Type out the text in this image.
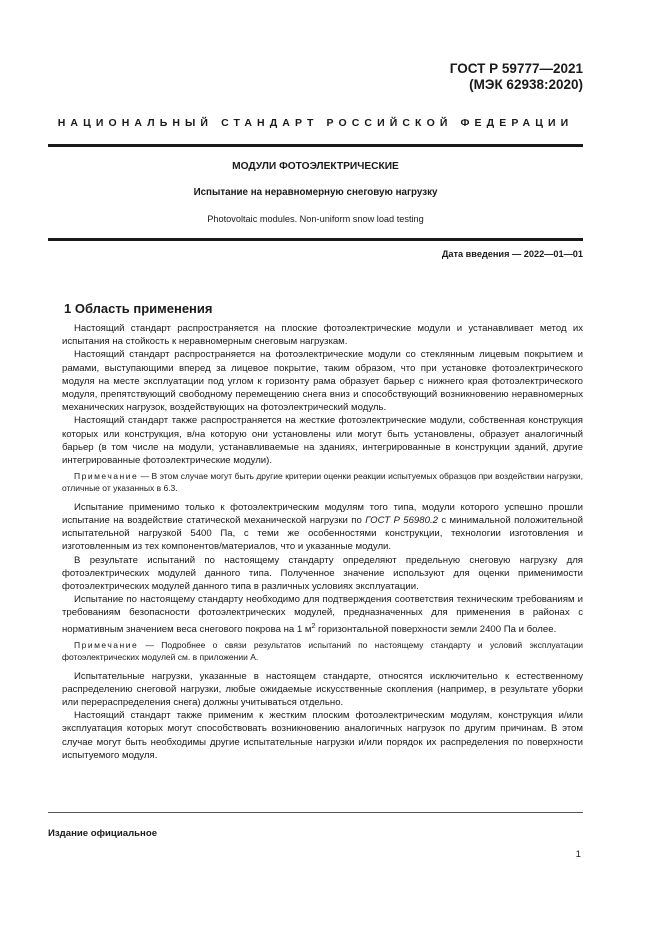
ГОСТ Р 59777—2021
(МЭК 62938:2020)
НАЦИОНАЛЬНЫЙ СТАНДАРТ РОССИЙСКОЙ ФЕДЕРАЦИИ
МОДУЛИ ФОТОЭЛЕКТРИЧЕСКИЕ
Испытание на неравномерную снеговую нагрузку
Photovoltaic modules. Non-uniform snow load testing
Дата введения — 2022—01—01
1 Область применения

Настоящий стандарт распространяется на плоские фотоэлектрические модули и устанавливает метод их испытания на стойкость к неравномерным снеговым нагрузкам.

Настоящий стандарт распространяется на фотоэлектрические модули со стеклянным лицевым покрытием и рамами, выступающими вперед за лицевое покрытие, таким образом, что при установке фотоэлектрического модуля на месте эксплуатации под углом к горизонту рама образует барьер с нижнего края фотоэлектрического модуля, препятствующий свободному перемещению снега вниз и способствующий возникновению неравномерных механических нагрузок, воздействующих на фотоэлектрический модуль.

Настоящий стандарт также распространяется на жесткие фотоэлектрические модули, собственная конструкция которых или конструкция, в/на которую они установлены или могут быть установлены, образует аналогичный барьер (в том числе на модули, устанавливаемые на зданиях, интегрированные в конструкции зданий, другие интегрированные фотоэлектрические модули).

Примечание — В этом случае могут быть другие критерии оценки реакции испытуемых образцов при воздействии нагрузки, отличные от указанных в 6.3.

Испытание применимо только к фотоэлектрическим модулям того типа, модули которого успешно прошли испытание на воздействие статической механической нагрузки по ГОСТ Р 56980.2 с минимальной положительной испытательной нагрузкой 5400 Па, с теми же особенностями конструкции, технологии изготовления и изготовленным из тех компонентов/материалов, что и указанные модули.

В результате испытаний по настоящему стандарту определяют предельную снеговую нагрузку для фотоэлектрических модулей данного типа. Полученное значение используют для оценки применимости фотоэлектрических модулей данного типа в различных условиях эксплуатации.

Испытание по настоящему стандарту необходимо для подтверждения соответствия техническим требованиям и требованиям безопасности фотоэлектрических модулей, предназначенных для применения в районах с нормативным значением веса снегового покрова на 1 $м^2$ горизонтальной поверхности земли 2400 Па и более.

Примечание — Подробнее о связи результатов испытаний по настоящему стандарту и условий эксплуатации фотоэлектрических модулей см. в приложении А.

Испытательные нагрузки, указанные в настоящем стандарте, относятся исключительно к естественному распределению снеговой нагрузки, любые ожидаемые искусственные скопления (например, в результате уборки или перераспределения снега) должны учитываться отдельно.

Настоящий стандарт также применим к жестким плоским фотоэлектрическим модулям, конструкция и/или эксплуатация которых могут способствовать возникновению аналогичных нагрузок по другим причинам. В этом случае могут быть необходимы другие испытательные нагрузки и/или порядок их распределения по поверхности испытуемого модуля.

Издание официальное
1
